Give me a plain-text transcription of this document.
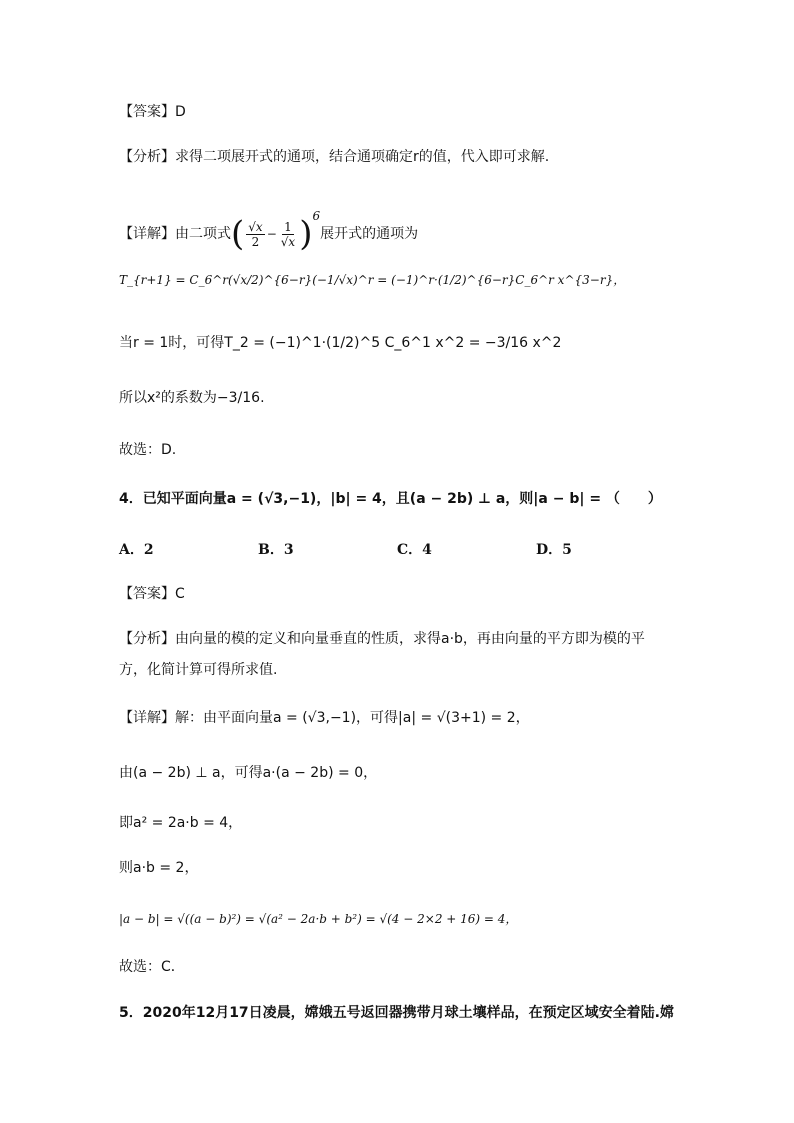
【答案】D
【分析】求得二项展开式的通项，结合通项确定r的值，代入即可求解.
【详解】由二项式( $\frac{√x}{2} - \frac{1}{√x} )^6$展开式的通项为
T_{r+1} = C_6^r(√x/2)^{6−r}(−1/√x)^r = (−1)^r·(1/2)^{6−r}C_6^r x^{3−r}，
当r = 1时，可得T_2 = (−1)^1·(1/2)^5 C_6^1 x^2 = −3/16 x^2
所以x²的系数为−3/16.
故选：D.
4．已知平面向量a = (√3,−1)，|b| = 4，且(a − 2b) ⊥ a，则|a − b| = （　　）
A．2	B．3	C．4	D．5
【答案】C
【分析】由向量的模的定义和向量垂直的性质，求得a·b，再由向量的平方即为模的平
方，化简计算可得所求值.
【详解】解：由平面向量a = (√3,−1)，可得|a| = √(3+1) = 2，
由(a − 2b) ⊥ a，可得a·(a − 2b) = 0，
即a² = 2a·b = 4，
则a·b = 2，
|a − b| = √((a − b)²) = √(a² − 2a·b + b²) = √(4 − 2×2 + 16) = 4，
故选：C．
5．2020年12月17日凌晨，嫦娥五号返回器携带月球土壤样品，在预定区域安全着陆.嫦
